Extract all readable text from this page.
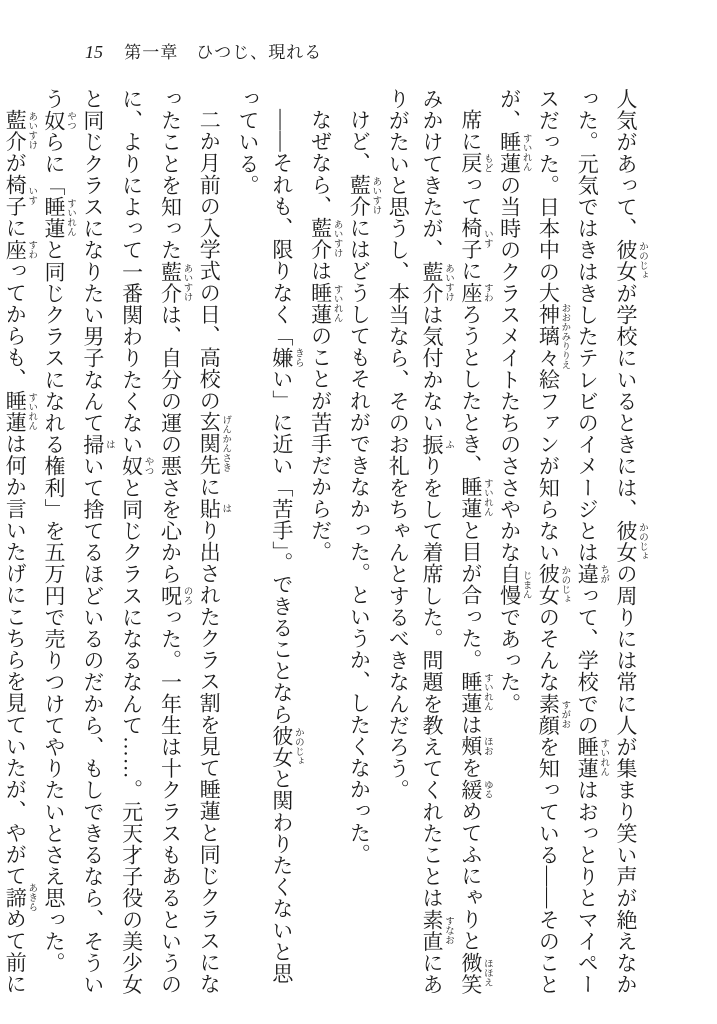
15 第一章　ひつじ、現れる
人気があって、彼女 かのじょが学校にいるときには、彼女 かのじょの周りには常に人が集まり笑い声が絶えなか
った。元気ではきはきしたテレビのイメージとは違 ちがって、学校での睡蓮 すいれんはおっとりとマイペー
スだった。日本中の大神璃々絵 おおかみりりえファンが知らない彼女 かのじょのそんな素顔 すがおを知っている――そのこと
が、睡蓮 すいれんの当時のクラスメイトたちのささやかな自慢 じまんであった。
席に戻 もどって椅子 いすに座 すわろうとしたとき、睡蓮 すいれんと目が合った。睡蓮 すいれんは頰 ほおを緩 ゆるめてふにゃりと微笑 ほほえ
みかけてきたが、藍介 あいすけは気付かない振 ふりをして着席した。問題を教えてくれたことは素直 すなおにあ
りがたいと思うし、本当なら、そのお礼をちゃんとするべきなんだろう。
けど、藍介 あいすけにはどうしてもそれができなかった。というか、したくなかった。
なぜなら、藍介 あいすけは睡蓮 すいれんのことが苦手だからだ。
――それも、限りなく「嫌 きらい」に近い「苦手」。できることなら彼女 かのじょと関わりたくないと思
っている。
二か月前の入学式の日、高校の玄関先 げんかんさきに貼 はり出されたクラス割を見て睡蓮と同じクラスにな
ったことを知った藍介 あいすけは、自分の運の悪さを心から呪 のろった。一年生は十クラスもあるというの
に、よりによって一番関わりたくない奴 やつと同じクラスになるなんて……。元天才子役の美少女
と同じクラスになりたい男子なんて掃 はいて捨てるほどいるのだから、もしできるなら、そうい
う奴 やつらに「睡蓮 すいれんと同じクラスになれる権利」を五万円で売りつけてやりたいとさえ思った。
藍介 あいすけが椅子 いすに座 すわってからも、睡蓮 すいれんは何か言いたげにこちらを見ていたが、やがて諦 あきらめて前に
